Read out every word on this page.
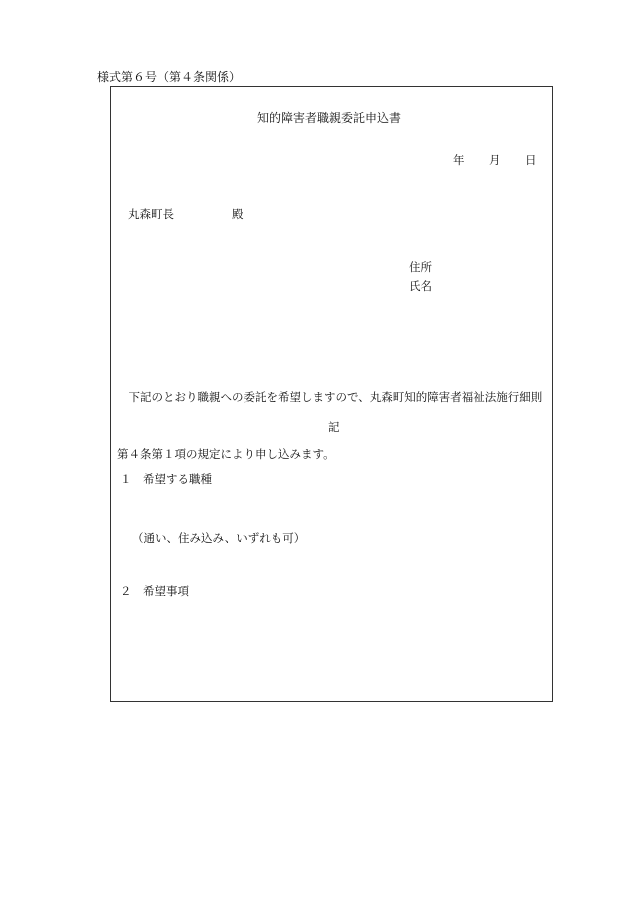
様式第６号（第４条関係）
知的障害者職親委託申込書
年 月 日
丸森町長	殿
住所
氏名

　下記のとおり職親への委託を希望しますので、丸森町知的障害者福祉法施行細則

第４条第１項の規定により申し込みます。

記
１　希望する職種
（通い、住み込み、いずれも可）
２　希望事項
